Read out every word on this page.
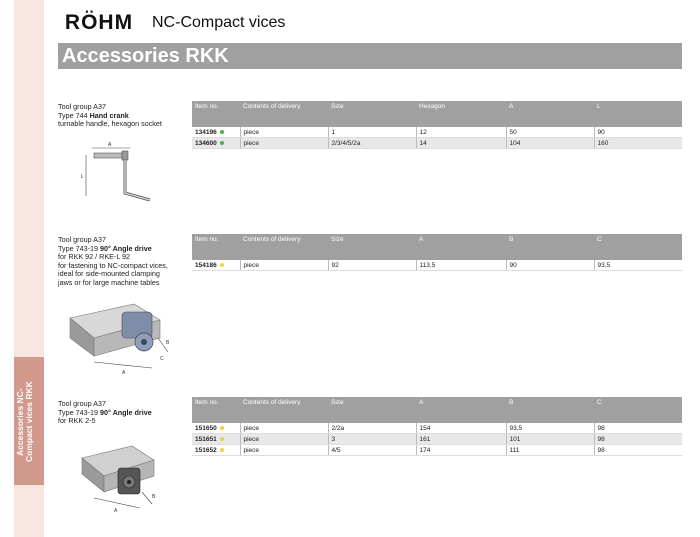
Accessories NC-
Compact vices RKK
RÖHM NC-Compact vices
Accessories RKK
Tool group A37
Type 744 Hand crank
turnable handle, hexagon socket
Item no.	Contents of delivery	Size	Hexagon	A	L
134196	piece	1	12	50	90
134600	piece	2/3/4/5/2a	14	104	160
A
L
Tool group A37
Type 743-19 90° Angle drive
for RKK 92 / RKE-L 92
for fastening to NC-compact vices,
ideal for side-mounted clamping
jaws or for large machine tables
Item no.	Contents of delivery	Size	A	B	C
154186	piece	92	113,5	90	93,5
A
B
C
Tool group A37
Type 743-19 90° Angle drive
for RKK 2-5
Item no.	Contents of delivery	Size	A	B	C
151650	piece	2/2a	154	93,5	98
151651	piece	3	161	101	98
151652	piece	4/5	174	111	98
A
B
